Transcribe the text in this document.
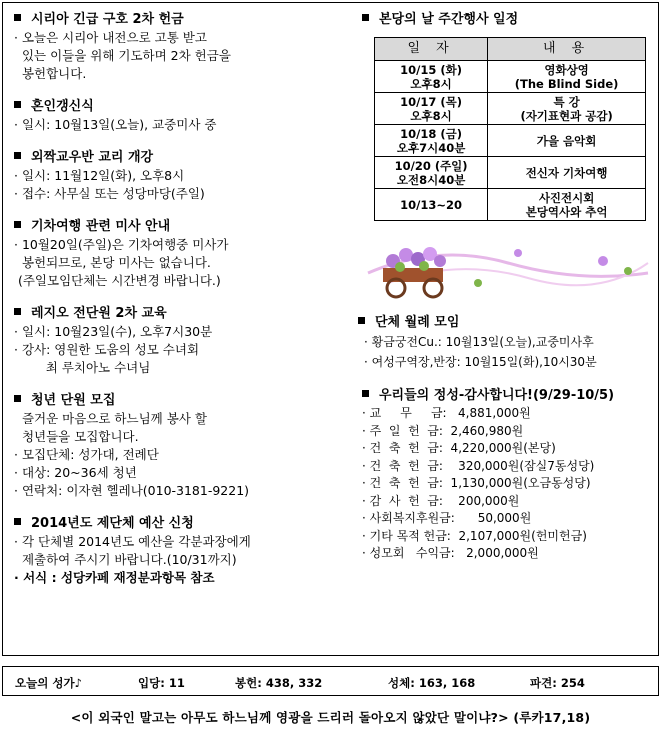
시리아 긴급 구호 2차 헌금
· 오늘은 시리아 내전으로 고통 받고
있는 이들을 위해 기도하며 2차 헌금을
봉헌합니다.
혼인갱신식
· 일시: 10월13일(오늘), 교중미사 중
외짝교우반 교리 개강
· 일시: 11월12일(화), 오후8시
· 접수: 사무실 또는 성당마당(주일)
기차여행 관련 미사 안내
· 10월20일(주일)은 기차여행중 미사가
봉헌되므로, 본당 미사는 없습니다.
(주일모임단체는 시간변경 바랍니다.)
레지오 전단원 2차 교육
· 일시: 10월23일(수), 오후7시30분
· 강사: 영원한 도움의 성모 수녀회
최 루치아노 수녀님
청년 단원 모집
즐거운 마음으로 하느님께 봉사 할
청년들을 모집합니다.
· 모집단체: 성가대, 전례단
· 대상: 20~36세 청년
· 연락처: 이자현 헬레나(010-3181-9221)
2014년도 제단체 예산 신청
· 각 단체별 2014년도 예산을 각분과장에게
제출하여 주시기 바랍니다.(10/31까지)
· 서식 : 성당카페 재정분과항목 참조
본당의 날 주간행사 일정
일 자	내 용
10/15 (화)
오후8시	영화상영
(The Blind Side)
10/17 (목)
오후8시	특 강
(자기표현과 공감)
10/18 (금)
오후7시40분	가을 음악회
10/20 (주일)
오전8시40분	전신자 기차여행
10/13~20	사진전시회
본당역사와 추억
단체 월례 모임
· 황금궁전Cu.: 10월13일(오늘),교중미사후
· 여성구역장,반장: 10월15일(화),10시30분
우리들의 정성-감사합니다!(9/29-10/5)
· 교     무     금:   4,881,000원
· 주  일  헌  금:  2,460,980원
· 건  축  헌  금:  4,220,000원(본당)
· 건  축  헌  금:    320,000원(잠실7동성당)
· 건  축  헌  금:  1,130,000원(오금동성당)
· 감  사  헌  금:    200,000원
· 사회복지후원금:      50,000원
· 기타 목적 헌금:  2,107,000원(헌미헌금)
· 성모회   수익금:   2,000,000원
오늘의 성가♪	입당: 11	봉헌: 438, 332	성체: 163, 168	파견: 254
<이 외국인 말고는 아무도 하느님께 영광을 드리러 돌아오지 않았단 말이냐?> (루카17,18)
